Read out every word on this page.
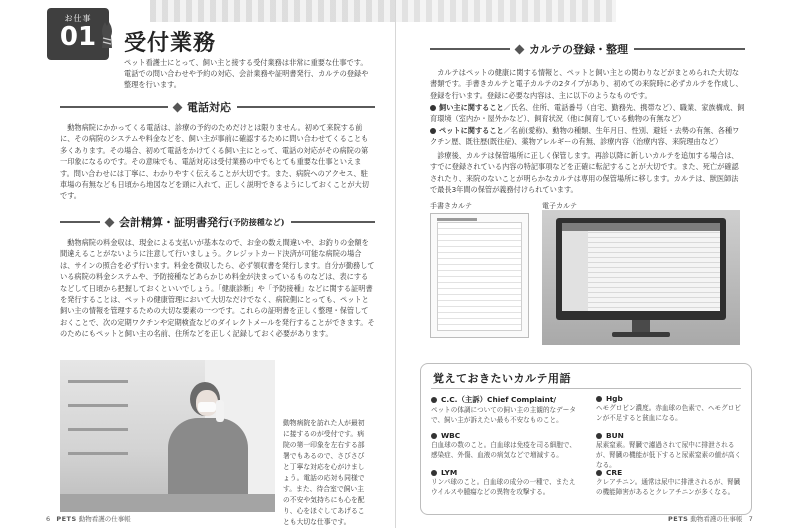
お仕事
01	受付業務
ペット看護士にとって、飼い主と接する受付業務は非常に重要な仕事です。電話での問い合わせや予約の対応、会計業務や証明書発行、カルテの登録や整理を行います。
電話対応
動物病院にかかってくる電話は、診療の予約のためだけとは限りません。初めて来院する前に、その病院のシステムや料金などを、飼い主が事前に確認するために問い合わせてくることも多くあります。その場合、初めて電話をかけてくる飼い主にとって、電話の対応がその病院の第一印象になるのです。その意味でも、電話対応は受付業務の中でもとても重要な仕事といえます。問い合わせには丁寧に、わかりやすく伝えることが大切です。また、病院へのアクセス、駐車場の有無なども日頃から地図などを頭に入れて、正しく説明できるようにしておくことが大切です。
会計精算・証明書発行 (予防接種など)
動物病院の料金収は、現金による支払いが基本なので、お金の数え間違いや、お釣りの金額を間違えることがないように注意して行いましょう。クレジットカード決済が可能な病院の場合は、サインの照合を必ず行います。料金を徴収したら、必ず領収書を発行します。自分が勤務している病院の料金システムや、予防接種などあらかじめ料金が決まっているものなどは、表にするなどして日頃から把握しておくといいでしょう。「健康診断」や「予防接種」などに関する証明書を発行することは、ペットの健康管理において大切なだけでなく、病院側にとっても、ペットと飼い主の情報を管理するための大切な要素の一つです。これらの証明書を正しく整理・保管しておくことで、次の定期ワクチンや定期検査などのダイレクトメールを発行することができます。そのためにもペットと飼い主の名前、住所などを正しく記録しておく必要があります。
動物病院を訪れた人が最初に接するのが受付です。病院の第一印象を左右する部署でもあるので、さびさびと丁寧な対応を心がけましょう。電話の応対も同様です。また、待合室で飼い主の不安や気持ちにも心を配り、心をほぐしてあげることも大切な仕事です。
6 PETS 動物看護の仕事帳
カルテの登録・整理
カルテはペットの健康に関する情報と、ペットと飼い主との関わりなどがまとめられた大切な書類です。手書きカルテと電子カルテの2タイプがあり、初めての来院時に必ずカルテを作成し、登録を行います。登録に必要な内容は、主に以下のようなものです。
飼い主に関すること／氏名、住所、電話番号（自宅、勤務先、携帯など）、職業、家族構成、飼育環境（室内か・屋外かなど）、飼育状況（他に飼育している動物の有無など）
ペットに関すること／名前(愛称)、動物の種類、生年月日、性別、避妊・去勢の有無、各種ワクチン歴、既往歴(既往症)、薬物アレルギーの有無、診療内容（治療内容、来院理由など）
診療後、カルテは保管場所に正しく保管します。再診以降に新しいカルテを追加する場合は、すでに登録されている内容の特記事項などを正確に転記することが大切です。また、死亡が確認されたり、来院のないことが明らかなカルテは専用の保管場所に移します。カルテは、獣医師法で最長3年間の保管が義務付けられています。
手書きカルテ	電子カルテ
覚えておきたいカルテ用語
C.C.（主訴）Chief Complaint/
ペットの体調についての飼い主の主観的なデータで、飼い主が訴えたい最も不安なものこと。
Hgb
ヘモグロビン濃度。赤血球の色素で、ヘモグロビンが不足すると貧血になる。
WBC
白血球の数のこと。白血球は免疫を司る細胞で、感染症、外傷、血液の病気などで増減する。
BUN
尿素窒素。腎臓で濾過されて尿中に排泄されるが、腎臓の機能が低下すると尿素窒素の値が高くなる。
LYM
リンパ球のこと。白血球の成分の一種で、またえウイルスや腫瘍などの異物を攻撃する。
CRE
クレアチニン。通常は尿中に排泄されるが、腎臓の機能障害があるとクレアチニンが多くなる。
PETS 動物看護の仕事帳 7
